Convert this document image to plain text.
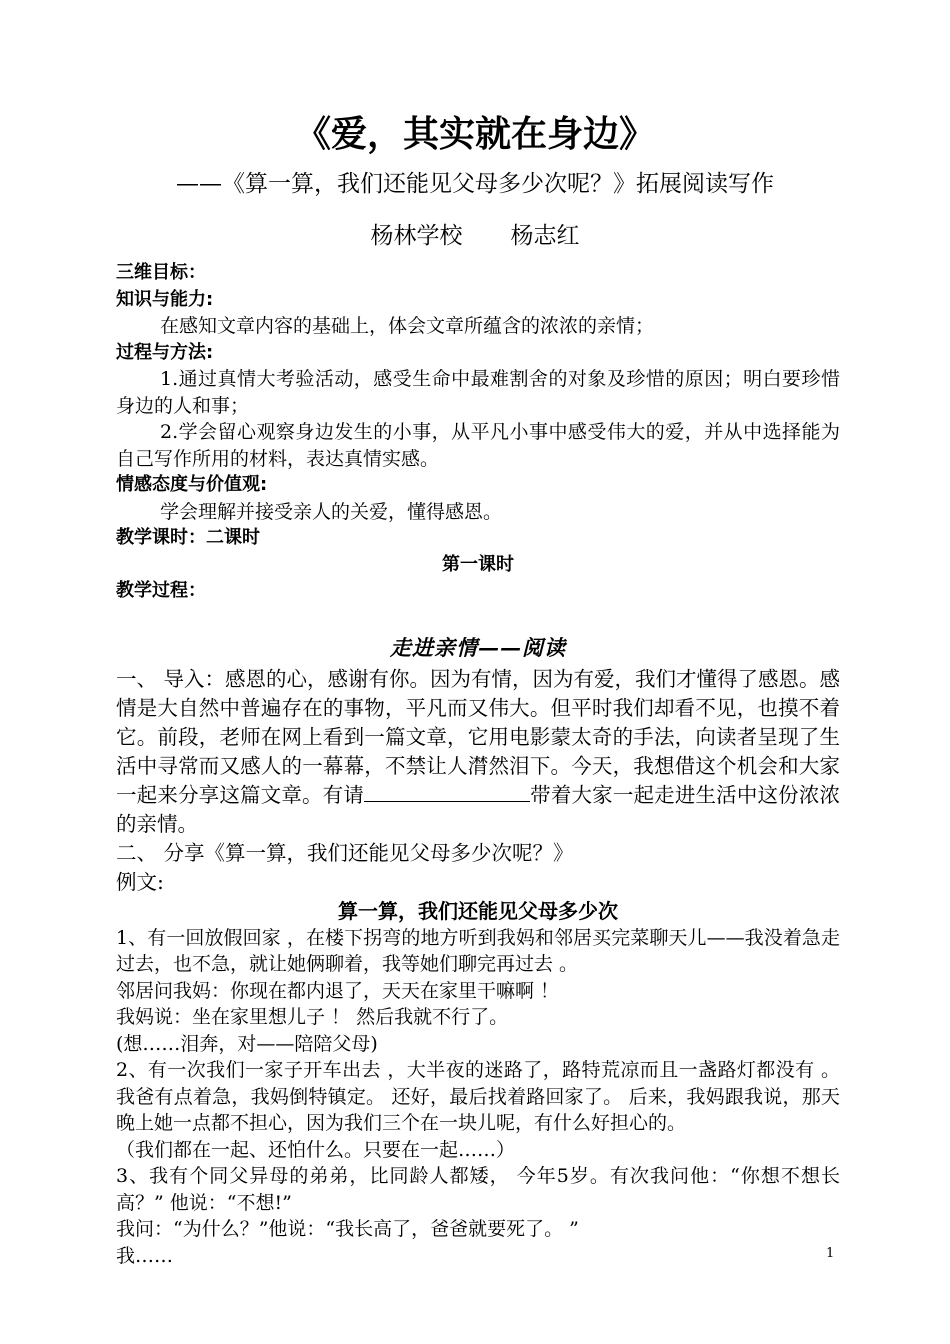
《爱，其实就在身边》
——《算一算，我们还能见父母多少次呢？》拓展阅读写作
杨林学校 杨志红
三维目标：
知识与能力:
在感知文章内容的基础上，体会文章所蕴含的浓浓的亲情；
过程与方法:
1.通过真情大考验活动，感受生命中最难割舍的对象及珍惜的原因；明白要珍惜身边的人和事；
2.学会留心观察身边发生的小事，从平凡小事中感受伟大的爱，并从中选择能为自己写作所用的材料，表达真情实感。
情感态度与价值观:
学会理解并接受亲人的关爱，懂得感恩。
教学课时：二课时
第一课时
教学过程：
走进亲情——阅读
一、 导入：感恩的心，感谢有你。因为有情，因为有爱，我们才懂得了感恩。感情是大自然中普遍存在的事物，平凡而又伟大。但平时我们却看不见，也摸不着它。前段，老师在网上看到一篇文章，它用电影蒙太奇的手法，向读者呈现了生活中寻常而又感人的一幕幕，不禁让人潸然泪下。今天，我想借这个机会和大家一起来分享这篇文章。有请	带着大家一起走进生活中这份浓浓的亲情。
二、 分享《算一算，我们还能见父母多少次呢？》
例文:
算一算，我们还能见父母多少次
1、有一回放假回家 ，在楼下拐弯的地方听到我妈和邻居买完菜聊天儿——我没着急走过去，也不急，就让她俩聊着，我等她们聊完再过去 。
邻居问我妈：你现在都内退了，天天在家里干嘛啊 ！
我妈说：坐在家里想儿子 ！ 然后我就不行了。
(想……泪奔，对——陪陪父母)
2、有一次我们一家子开车出去 ，大半夜的迷路了，路特荒凉而且一盏路灯都没有 。我爸有点着急，我妈倒特镇定。 还好，最后找着路回家了。 后来，我妈跟我说，那天晚上她一点都不担心，因为我们三个在一块儿呢，有什么好担心的。
（我们都在一起、还怕什么。只要在一起……）
3、我有个同父异母的弟弟，比同龄人都矮， 今年5岁。有次我问他：“你想不想长高？” 他说：“不想!”
我问：“为什么？”他说：“我长高了，爸爸就要死了。 ”
我……	1
